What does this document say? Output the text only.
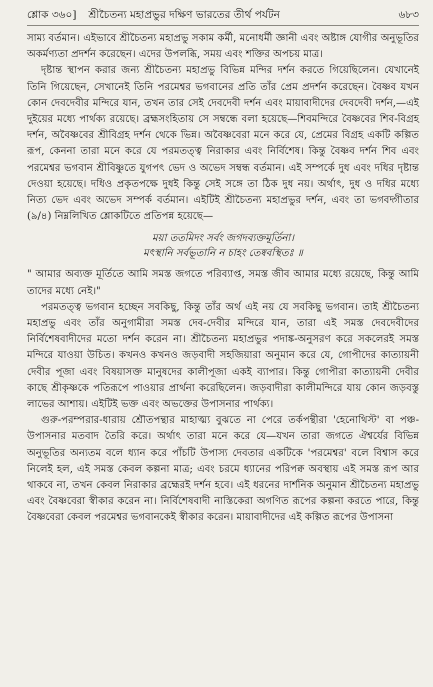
শ্লোক ৩৬০] শ্রীচৈতন্য মহাপ্রভুর দক্ষিণ ভারতের তীর্থ পর্যটন	৬৮৩

সাম্য বর্তমান। এইভাবে শ্রীচৈতন্য মহাপ্রভু সকাম কর্মী, মনোধর্মী জ্ঞানী এবং অষ্টাঙ্গ যোগীর অনুভূতির অকর্মণ্যতা প্রদর্শন করেছেন। এদের উপলব্ধি, সময় এবং শক্তির অপচয় মাত্র।

দৃষ্টান্ত স্থাপন করার জন্য শ্রীচৈতন্য মহাপ্রভু বিভিন্ন মন্দির দর্শন করতে গিয়েছিলেন। যেখানেই তিনি গিয়েছেন, সেখানেই তিনি পরমেশ্বর ভগবানের প্রতি তাঁর প্রেম প্রদর্শন করেছেন। বৈষ্ণব যখন কোন দেবদেবীর মন্দিরে যান, তখন তার সেই দেবদেবী দর্শন এবং মায়াবাদীদের দেবদেবী দর্শন,—এই দুইয়ের মধ্যে পার্থক্য রয়েছে। ব্রহ্মসংহিতায় সে সম্বন্ধে বলা হয়েছে—শিবমন্দিরে বৈষ্ণবের শিব-বিগ্রহ দর্শন, অবৈষ্ণবের শ্রীবিগ্রহ দর্শন থেকে ভিন্ন। অবৈষ্ণবেরা মনে করে যে, প্রেমের বিগ্রহ একটি কল্পিত রূপ, কেননা তারা মনে করে যে পরমতত্ত্ব নিরাকার এবং নির্বিশেষ। কিন্তু বৈষ্ণব দর্শন শিব এবং পরমেশ্বর ভগবান শ্রীবিষ্ণুতে যুগপৎ ভেদ ও অভেদ সম্বন্ধ বর্তমান। এই সম্পর্কে দুধ এবং দধির দৃষ্টান্ত দেওয়া হয়েছে। দধিও প্রকৃতপক্ষে দুধই কিন্তু সেই সঙ্গে তা ঠিক দুধ নয়। অর্থাৎ, দুধ ও দধির মধ্যে নিত্য ভেদ এবং অভেদ সম্পর্ক বর্তমান। এইটিই শ্রীচৈতন্য মহাপ্রভুর দর্শন, এবং তা ভগবদ্গীতার (৯/৪) নিম্নলিখিত শ্লোকটিতে প্রতিপন্ন হয়েছে—

ময়া ততমিদং সর্বং জগদব্যক্তমূর্তিনা।
মৎস্থানি সর্বভূতানি ন চাহং তেষ্ববস্থিতঃ ॥

" আমার অব্যক্ত মূর্তিতে আমি সমস্ত জগতে পরিব্যাপ্ত, সমস্ত জীব আমার মধ্যে রয়েছে, কিন্তু আমি তাদের মধ্যে নেই।"

পরমতত্ত্ব ভগবান হচ্ছেন সবকিছু, কিন্তু তাঁর অর্থ এই নয় যে সবকিছু ভগবান। তাই শ্রীচৈতন্য মহাপ্রভু এবং তাঁর অনুগামীরা সমস্ত দেব-দেবীর মন্দিরে যান, তারা এই সমস্ত দেবদেবীদের নির্বিশেষবাদীদের মতো দর্শন করেন না। শ্রীচৈতন্য মহাপ্রভুর পদাঙ্ক-অনুসরণ করে সকলেরই সমস্ত মন্দিরে যাওয়া উচিত। কখনও কখনও জড়বাদী সহজিয়ারা অনুমান করে যে, গোপীদের কাত্যায়নী দেবীর পূজা এবং বিষয়াসক্ত মানুষদের কালীপূজা একই ব্যাপার। কিন্তু গোপীরা কাত্যায়নী দেবীর কাছে শ্রীকৃষ্ণকে পতিরূপে পাওয়ার প্রার্থনা করেছিলেন। জড়বাদীরা কালীমন্দিরে যায় কোন জড়বস্তু লাভের আশায়। এইটিই ভক্ত এবং অভক্তের উপাসনার পার্থক্য।

গুরু-পরম্পরার-ধারায় শ্রৌতপন্থার মাহাত্ম্য বুঝতে না পেরে তর্কপন্থীরা 'হেনোথিস্ট' বা পঞ্চ-উপাসনার মতবাদ তৈরি করে। অর্থাৎ তারা মনে করে যে—যখন তারা জগতে ঐশ্বর্যের বিভিন্ন অনুভূতির অন্যতম বলে ধ্যান করে পাঁচটি উপাস্য দেবতার একটিকে 'পরমেশ্বর' বলে বিশ্বাস করে নিলেই হল, এই সমস্ত কেবল কল্পনা মাত্র; এবং চরমে ধ্যানের পরিপক্ব অবস্থায় এই সমস্ত রূপ আর থাকবে না, তখন কেবল নিরাকার ব্রহ্মেরই দর্শন হবে। এই ধরনের দার্শনিক অনুমান শ্রীচৈতন্য মহাপ্রভু এবং বৈষ্ণবেরা স্বীকার করেন না। নির্বিশেষবাদী নাস্তিকেরা অগণিত রূপের কল্পনা করতে পারে, কিন্তু বৈষ্ণবেরা কেবল পরমেশ্বর ভগবানকেই স্বীকার করেন। মায়াবাদীদের এই কল্পিত রূপের উপাসনা
